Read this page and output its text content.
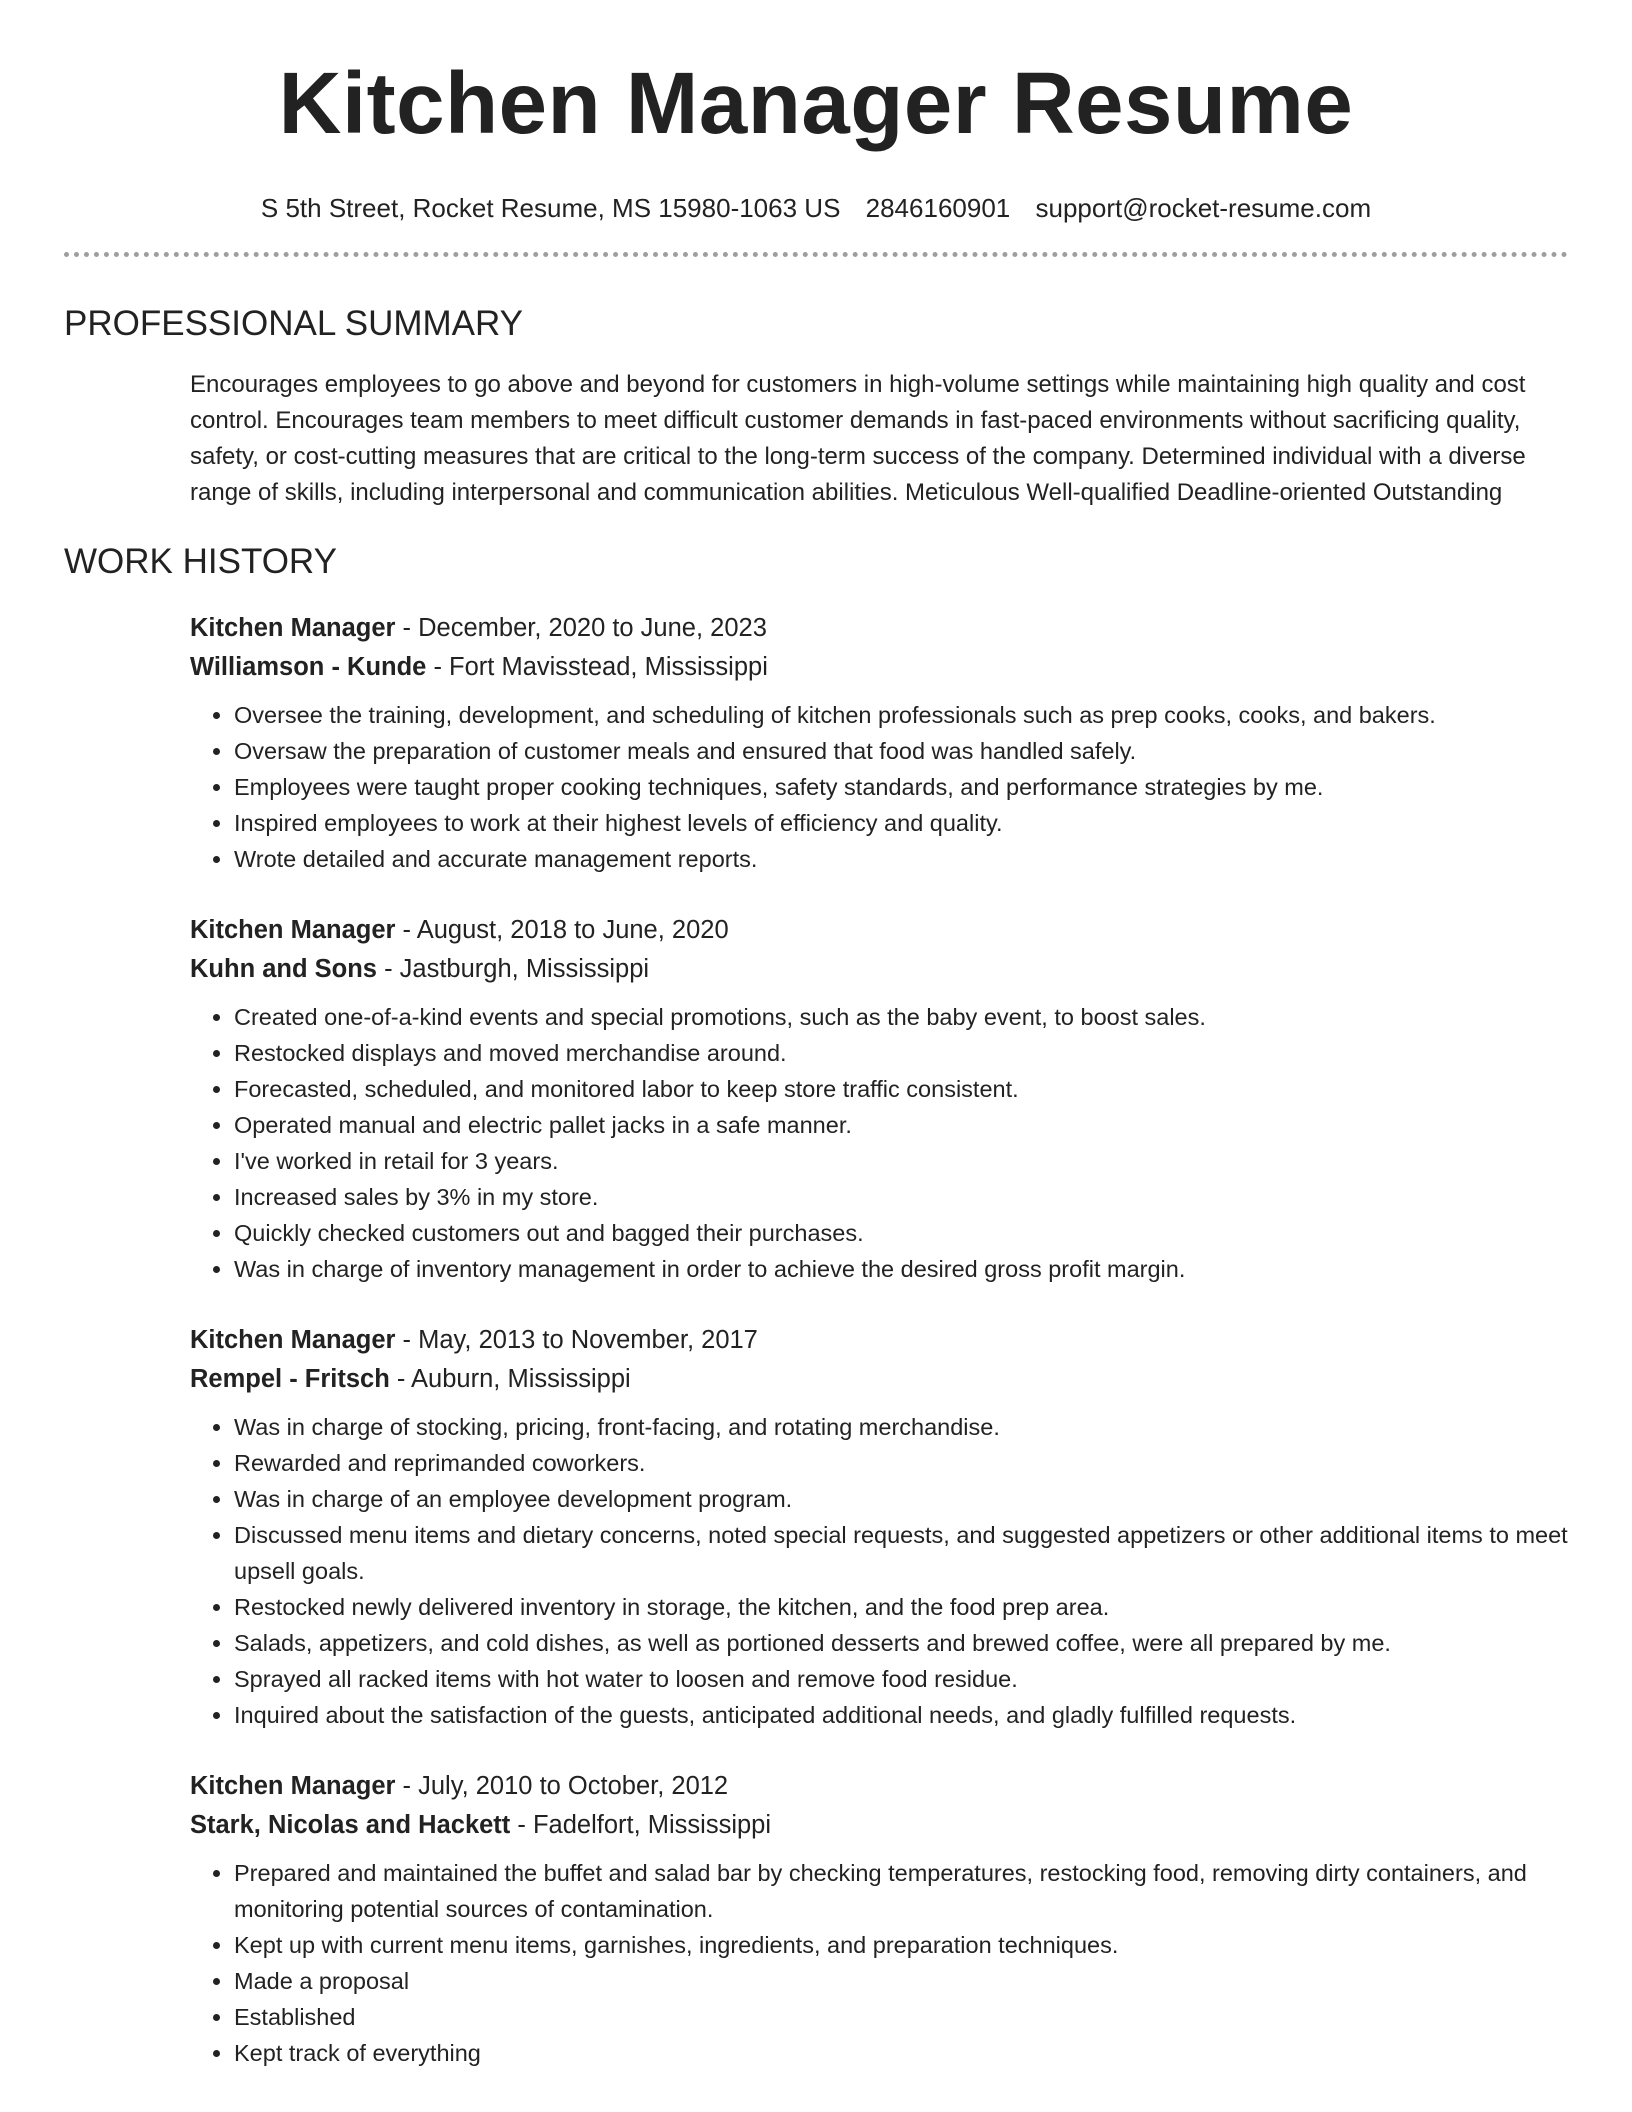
Kitchen Manager Resume
S 5th Street, Rocket Resume, MS 15980-1063 US 2846160901 support@rocket-resume.com
PROFESSIONAL SUMMARY

Encourages employees to go above and beyond for customers in high-volume settings while maintaining high quality and cost control. Encourages team members to meet difficult customer demands in fast-paced environments without sacrificing quality, safety, or cost-cutting measures that are critical to the long-term success of the company. Determined individual with a diverse range of skills, including interpersonal and communication abilities. Meticulous Well-qualified Deadline-oriented Outstanding

WORK HISTORY
Kitchen Manager - December, 2020 to June, 2023
Williamson - Kunde - Fort Mavisstead, Mississippi
• Oversee the training, development, and scheduling of kitchen professionals such as prep cooks, cooks, and bakers.
• Oversaw the preparation of customer meals and ensured that food was handled safely.
• Employees were taught proper cooking techniques, safety standards, and performance strategies by me.
• Inspired employees to work at their highest levels of efficiency and quality.
• Wrote detailed and accurate management reports.
Kitchen Manager - August, 2018 to June, 2020
Kuhn and Sons - Jastburgh, Mississippi
• Created one-of-a-kind events and special promotions, such as the baby event, to boost sales.
• Restocked displays and moved merchandise around.
• Forecasted, scheduled, and monitored labor to keep store traffic consistent.
• Operated manual and electric pallet jacks in a safe manner.
• I've worked in retail for 3 years.
• Increased sales by 3% in my store.
• Quickly checked customers out and bagged their purchases.
• Was in charge of inventory management in order to achieve the desired gross profit margin.
Kitchen Manager - May, 2013 to November, 2017
Rempel - Fritsch - Auburn, Mississippi
• Was in charge of stocking, pricing, front-facing, and rotating merchandise.
• Rewarded and reprimanded coworkers.
• Was in charge of an employee development program.
• Discussed menu items and dietary concerns, noted special requests, and suggested appetizers or other additional items to meet upsell goals.
• Restocked newly delivered inventory in storage, the kitchen, and the food prep area.
• Salads, appetizers, and cold dishes, as well as portioned desserts and brewed coffee, were all prepared by me.
• Sprayed all racked items with hot water to loosen and remove food residue.
• Inquired about the satisfaction of the guests, anticipated additional needs, and gladly fulfilled requests.
Kitchen Manager - July, 2010 to October, 2012
Stark, Nicolas and Hackett - Fadelfort, Mississippi
• Prepared and maintained the buffet and salad bar by checking temperatures, restocking food, removing dirty containers, and monitoring potential sources of contamination.
• Kept up with current menu items, garnishes, ingredients, and preparation techniques.
• Made a proposal
• Established
• Kept track of everything
